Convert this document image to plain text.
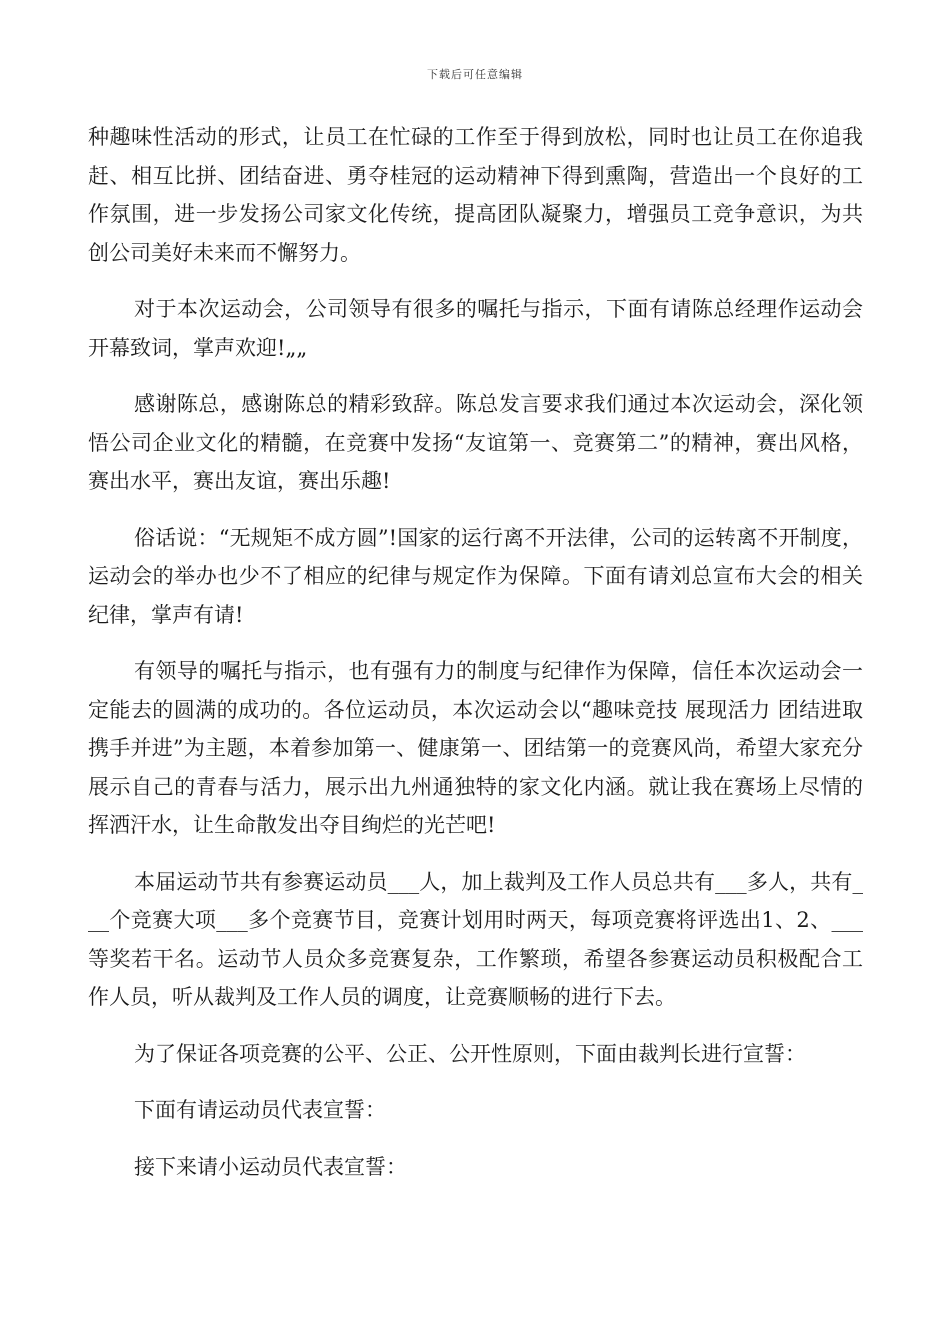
下载后可任意编辑

种趣味性活动的形式，让员工在忙碌的工作至于得到放松，同时也让员工在你追我赶、相互比拼、团结奋进、勇夺桂冠的运动精神下得到熏陶，营造出一个良好的工作氛围，进一步发扬公司家文化传统，提高团队凝聚力，增强员工竞争意识，为共创公司美好未来而不懈努力。

对于本次运动会，公司领导有很多的嘱托与指示，下面有请陈总经理作运动会开幕致词，掌声欢迎!„„

感谢陈总，感谢陈总的精彩致辞。陈总发言要求我们通过本次运动会，深化领悟公司企业文化的精髓，在竞赛中发扬“友谊第一、竞赛第二”的精神，赛出风格，赛出水平，赛出友谊，赛出乐趣!

俗话说：“无规矩不成方圆”!国家的运行离不开法律，公司的运转离不开制度，运动会的举办也少不了相应的纪律与规定作为保障。下面有请刘总宣布大会的相关纪律，掌声有请!

有领导的嘱托与指示，也有强有力的制度与纪律作为保障，信任本次运动会一定能去的圆满的成功的。各位运动员，本次运动会以“趣味竞技 展现活力 团结进取 携手并进”为主题，本着参加第一、健康第一、团结第一的竞赛风尚，希望大家充分展示自己的青春与活力，展示出九州通独特的家文化内涵。就让我在赛场上尽情的挥洒汗水，让生命散发出夺目绚烂的光芒吧!

本届运动节共有参赛运动员___人，加上裁判及工作人员总共有___多人，共有___个竞赛大项___多个竞赛节目，竞赛计划用时两天，每项竞赛将评选出1、2、___等奖若干名。运动节人员众多竞赛复杂，工作繁琐，希望各参赛运动员积极配合工作人员，听从裁判及工作人员的调度，让竞赛顺畅的进行下去。

为了保证各项竞赛的公平、公正、公开性原则，下面由裁判长进行宣誓：

下面有请运动员代表宣誓：

接下来请小运动员代表宣誓：
